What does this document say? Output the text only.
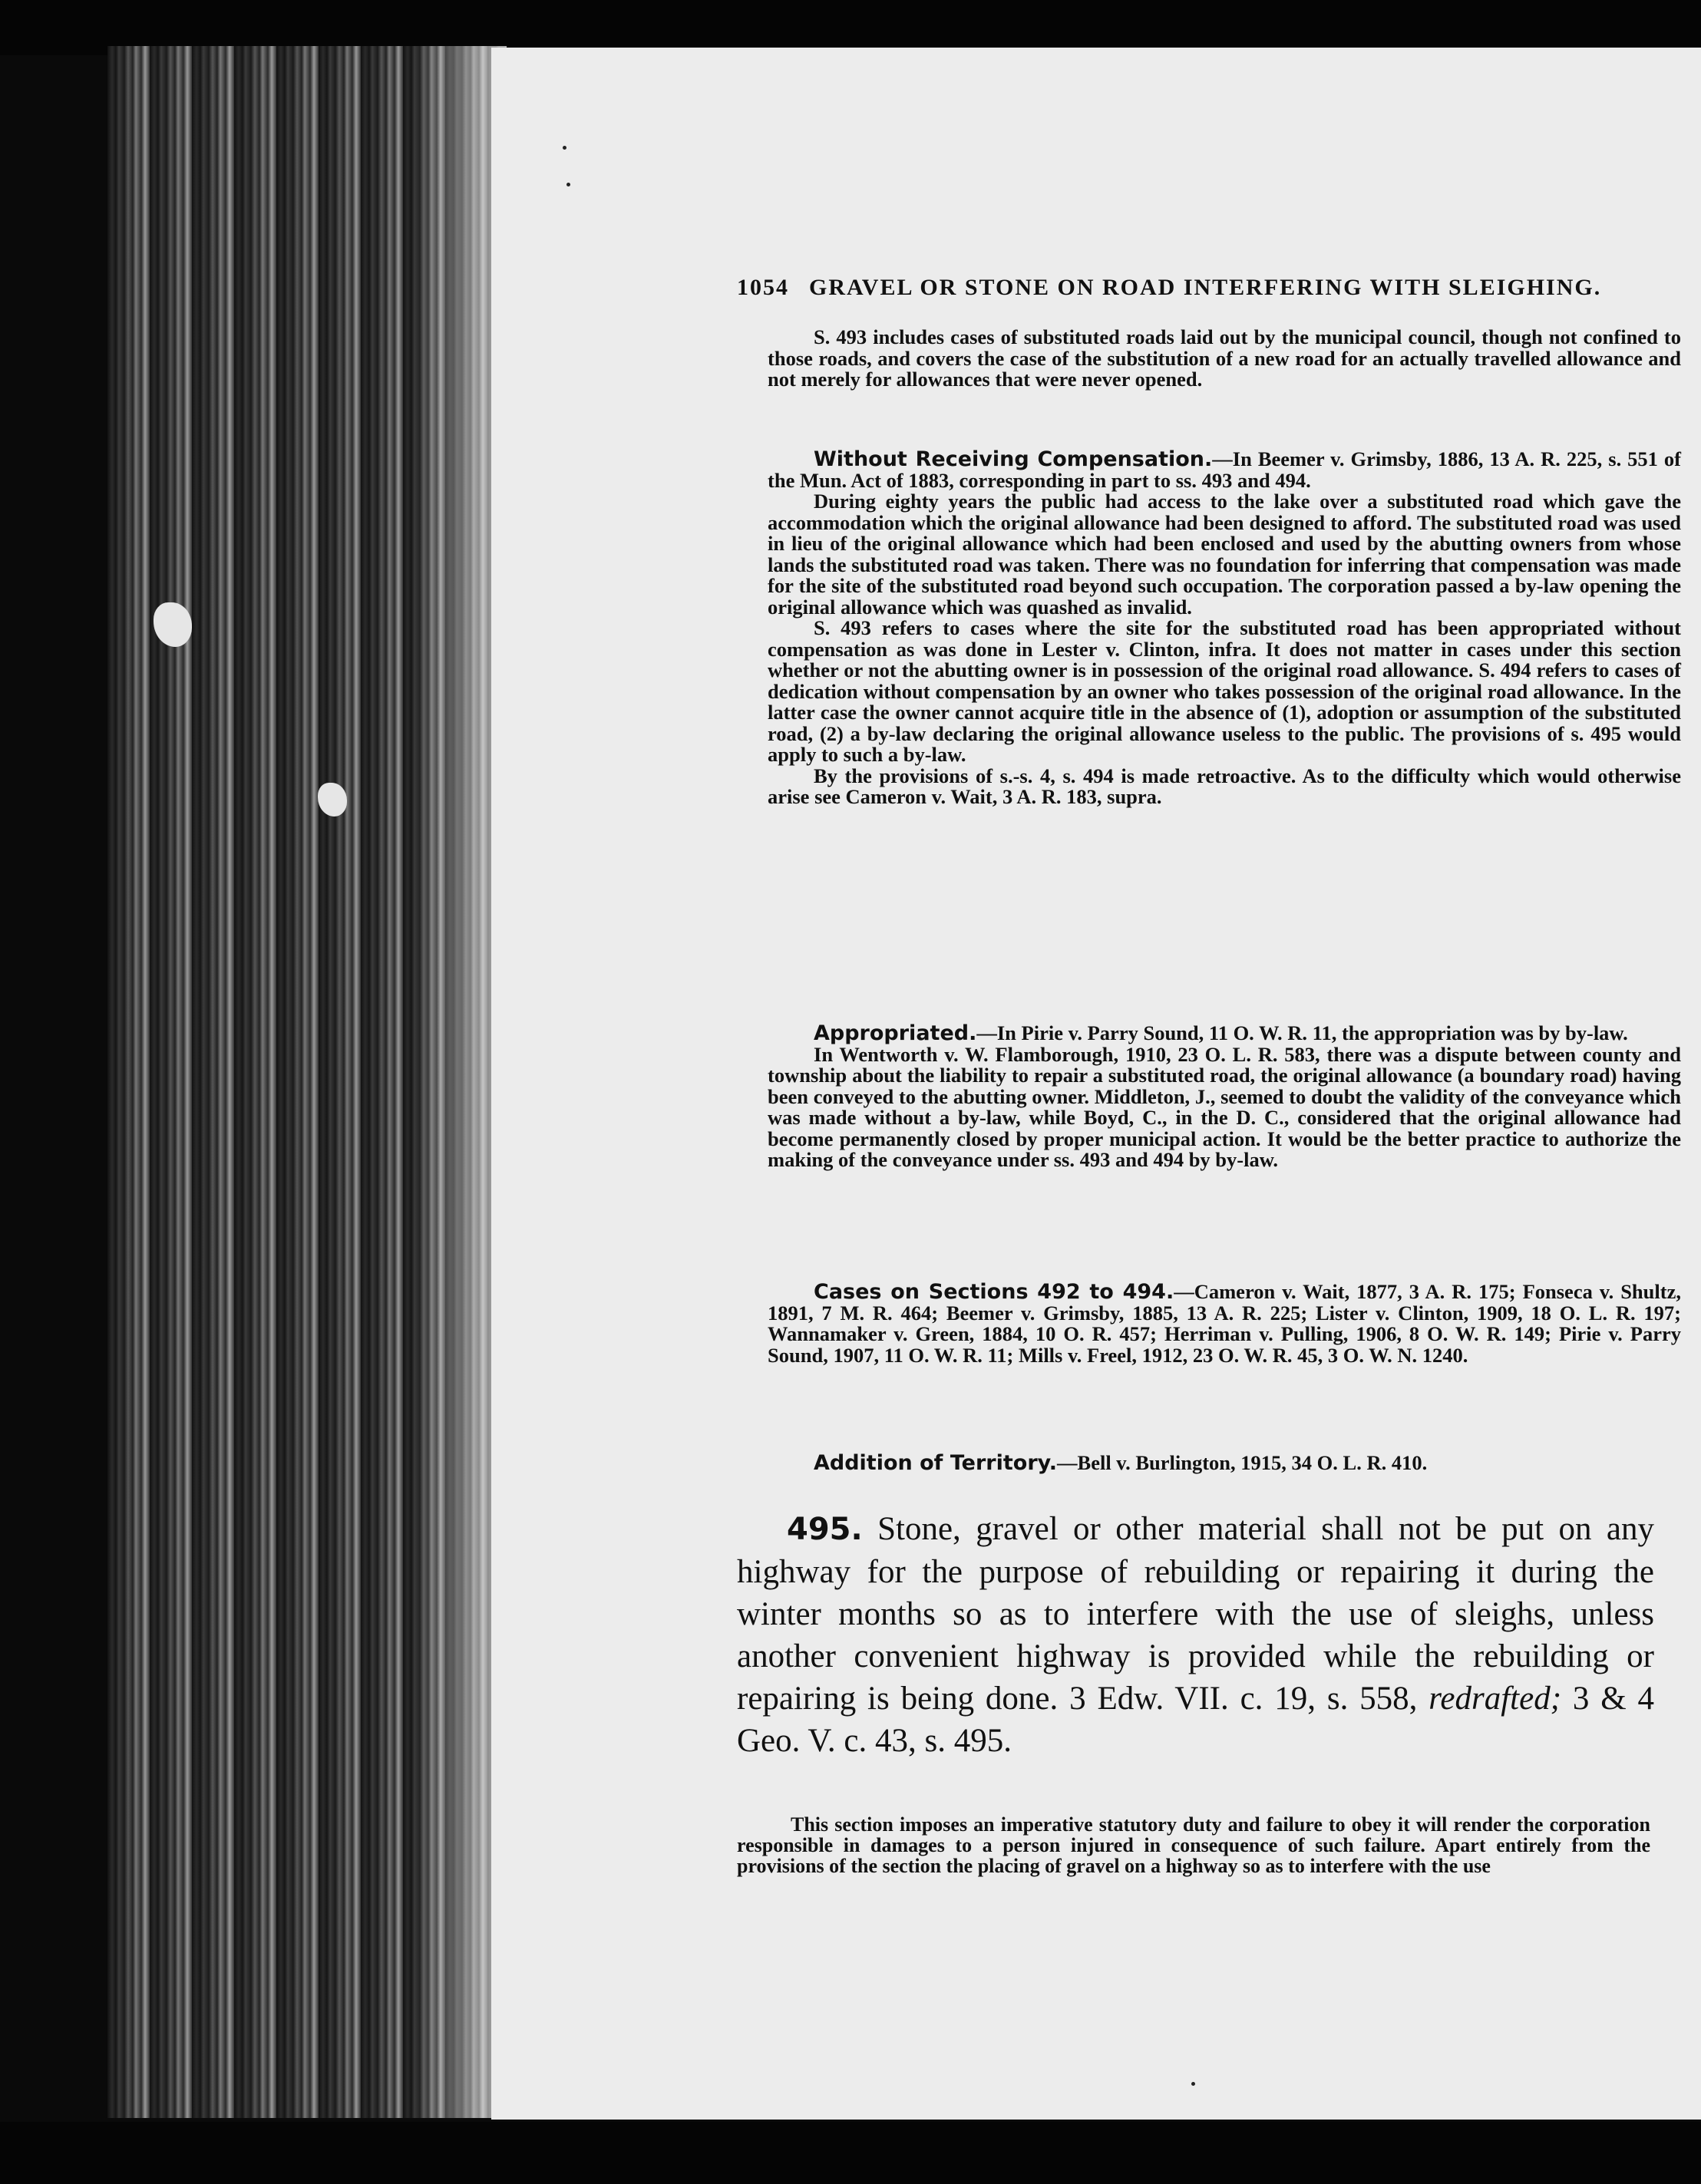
1054 GRAVEL OR STONE ON ROAD INTERFERING WITH SLEIGHING.

S. 493 includes cases of substituted roads laid out by the municipal council, though not confined to those roads, and covers the case of the substitution of a new road for an actually travelled allowance and not merely for allowances that were never opened.

Without Receiving Compensation.—In Beemer v. Grimsby, 1886, 13 A. R. 225, s. 551 of the Mun. Act of 1883, corresponding in part to ss. 493 and 494.

During eighty years the public had access to the lake over a substituted road which gave the accommodation which the original allowance had been designed to afford. The substituted road was used in lieu of the original allowance which had been enclosed and used by the abutting owners from whose lands the substituted road was taken. There was no foundation for inferring that compensation was made for the site of the substituted road beyond such occupation. The corporation passed a by-law opening the original allowance which was quashed as invalid.

S. 493 refers to cases where the site for the substituted road has been appropriated without compensation as was done in Lester v. Clinton, infra. It does not matter in cases under this section whether or not the abutting owner is in possession of the original road allowance. S. 494 refers to cases of dedication without compensation by an owner who takes possession of the original road allowance. In the latter case the owner cannot acquire title in the absence of (1), adoption or assumption of the substituted road, (2) a by-law declaring the original allowance useless to the public. The provisions of s. 495 would apply to such a by-law.

By the provisions of s.-s. 4, s. 494 is made retroactive. As to the difficulty which would otherwise arise see Cameron v. Wait, 3 A. R. 183, supra.

Appropriated.—In Pirie v. Parry Sound, 11 O. W. R. 11, the appropriation was by by-law.

In Wentworth v. W. Flamborough, 1910, 23 O. L. R. 583, there was a dispute between county and township about the liability to repair a substituted road, the original allowance (a boundary road) having been conveyed to the abutting owner. Middleton, J., seemed to doubt the validity of the conveyance which was made without a by-law, while Boyd, C., in the D. C., considered that the original allowance had become permanently closed by proper municipal action. It would be the better practice to authorize the making of the conveyance under ss. 493 and 494 by by-law.

Cases on Sections 492 to 494.—Cameron v. Wait, 1877, 3 A. R. 175; Fonseca v. Shultz, 1891, 7 M. R. 464; Beemer v. Grimsby, 1885, 13 A. R. 225; Lister v. Clinton, 1909, 18 O. L. R. 197; Wannamaker v. Green, 1884, 10 O. R. 457; Herriman v. Pulling, 1906, 8 O. W. R. 149; Pirie v. Parry Sound, 1907, 11 O. W. R. 11; Mills v. Freel, 1912, 23 O. W. R. 45, 3 O. W. N. 1240.

Addition of Territory.—Bell v. Burlington, 1915, 34 O. L. R. 410.

495. Stone, gravel or other material shall not be put on any highway for the purpose of rebuilding or repairing it during the winter months so as to interfere with the use of sleighs, unless another convenient highway is provided while the rebuilding or repairing is being done. 3 Edw. VII. c. 19, s. 558, redrafted; 3 & 4 Geo. V. c. 43, s. 495.

This section imposes an imperative statutory duty and failure to obey it will render the corporation responsible in damages to a person injured in consequence of such failure. Apart entirely from the provisions of the section the placing of gravel on a highway so as to interfere with the use
